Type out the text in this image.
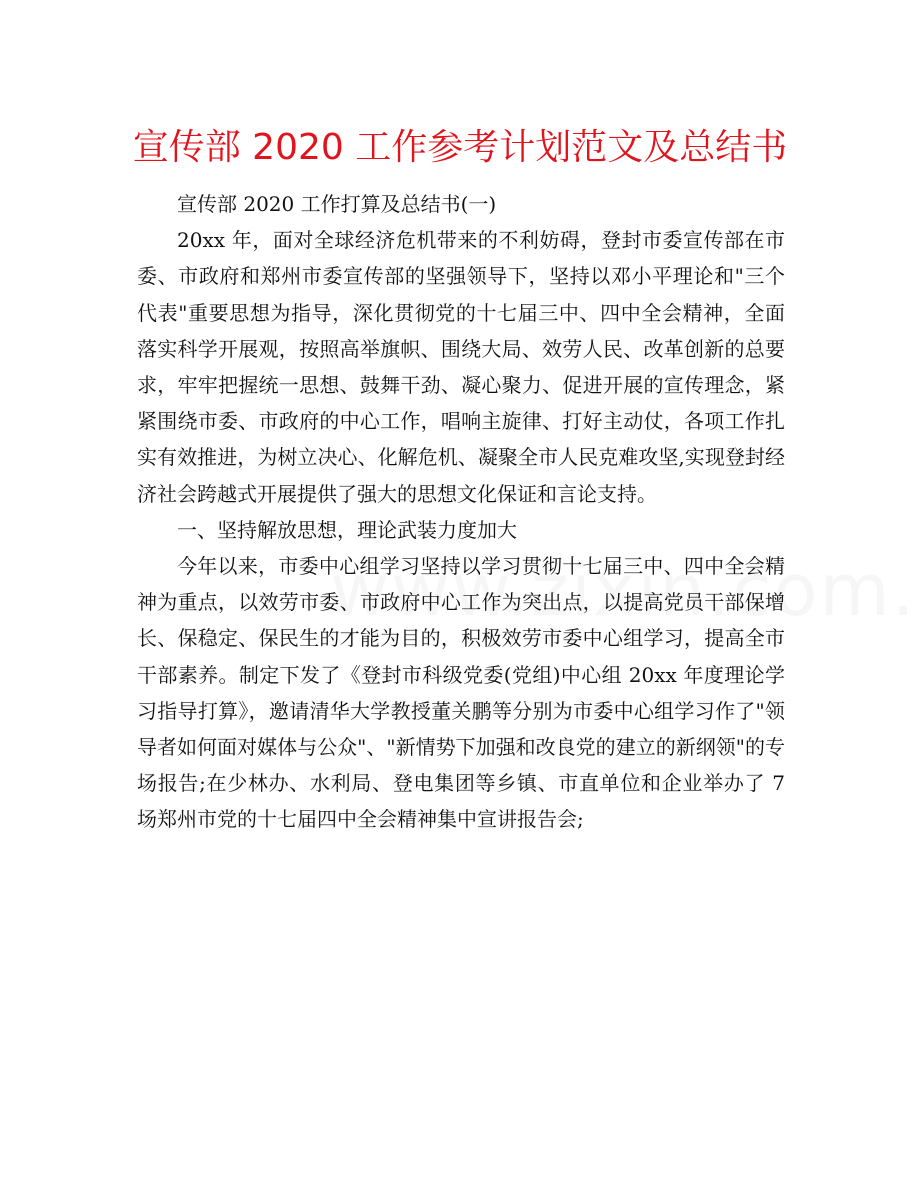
宣传部 2020 工作参考计划范文及总结书

宣传部 2020 工作打算及总结书(一)

20xx 年，面对全球经济危机带来的不利妨碍，登封市委宣传部在市委、市政府和郑州市委宣传部的坚强领导下，坚持以邓小平理论和"三个代表"重要思想为指导，深化贯彻党的十七届三中、四中全会精神，全面落实科学开展观，按照高举旗帜、围绕大局、效劳人民、改革创新的总要求，牢牢把握统一思想、鼓舞干劲、凝心聚力、促进开展的宣传理念，紧紧围绕市委、市政府的中心工作，唱响主旋律、打好主动仗，各项工作扎实有效推进，为树立决心、化解危机、凝聚全市人民克难攻坚,实现登封经济社会跨越式开展提供了强大的思想文化保证和言论支持。

一、坚持解放思想，理论武装力度加大

今年以来，市委中心组学习坚持以学习贯彻十七届三中、四中全会精神为重点，以效劳市委、市政府中心工作为突出点，以提高党员干部保增长、保稳定、保民生的才能为目的，积极效劳市委中心组学习，提高全市干部素养。制定下发了《登封市科级党委(党组)中心组 20xx 年度理论学习指导打算》，邀请清华大学教授董关鹏等分别为市委中心组学习作了"领导者如何面对媒体与公众"、"新情势下加强和改良党的建立的新纲领"的专场报告;在少林办、水利局、登电集团等乡镇、市直单位和企业举办了 7 场郑州市党的十七届四中全会精神集中宣讲报告会;
